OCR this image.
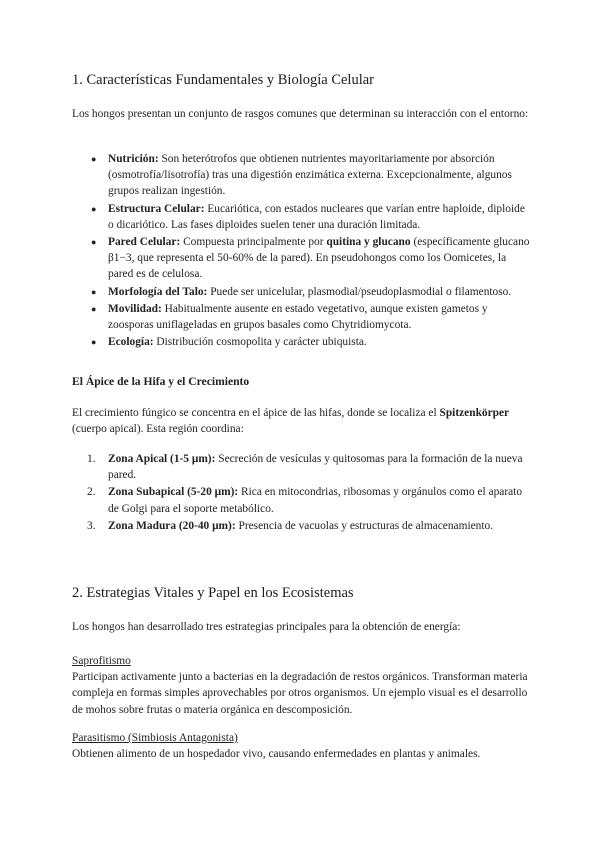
1. Características Fundamentales y Biología Celular

Los hongos presentan un conjunto de rasgos comunes que determinan su interacción con el entorno:

● Nutrición: Son heterótrofos que obtienen nutrientes mayoritariamente por absorción (osmotrofía/lisotrofía) tras una digestión enzimática externa. Excepcionalmente, algunos grupos realizan ingestión.
● Estructura Celular: Eucariótica, con estados nucleares que varían entre haploide, diploide o dicariótico. Las fases diploides suelen tener una duración limitada.
● Pared Celular: Compuesta principalmente por quitina y glucano (específicamente glucano β1−3, que representa el 50-60% de la pared). En pseudohongos como los Oomicetes, la pared es de celulosa.
● Morfología del Talo: Puede ser unicelular, plasmodial/pseudoplasmodial o filamentoso.
● Movilidad: Habitualmente ausente en estado vegetativo, aunque existen gametos y zoosporas uniflageladas en grupos basales como Chytridiomycota.
● Ecología: Distribución cosmopolita y carácter ubiquista.
El Ápice de la Hifa y el Crecimiento

El crecimiento fúngico se concentra en el ápice de las hifas, donde se localiza el Spitzenkörper (cuerpo apical). Esta región coordina:

1. Zona Apical (1-5 μm): Secreción de vesículas y quitosomas para la formación de la nueva pared.
2. Zona Subapical (5-20 μm): Rica en mitocondrias, ribosomas y orgánulos como el aparato de Golgi para el soporte metabólico.
3. Zona Madura (20-40 μm): Presencia de vacuolas y estructuras de almacenamiento.
2. Estrategias Vitales y Papel en los Ecosistemas

Los hongos han desarrollado tres estrategias principales para la obtención de energía:

Saprofitismo
Participan activamente junto a bacterias en la degradación de restos orgánicos. Transforman materia compleja en formas simples aprovechables por otros organismos. Un ejemplo visual es el desarrollo de mohos sobre frutas o materia orgánica en descomposición.

Parasitismo (Simbiosis Antagonista)
Obtienen alimento de un hospedador vivo, causando enfermedades en plantas y animales.
